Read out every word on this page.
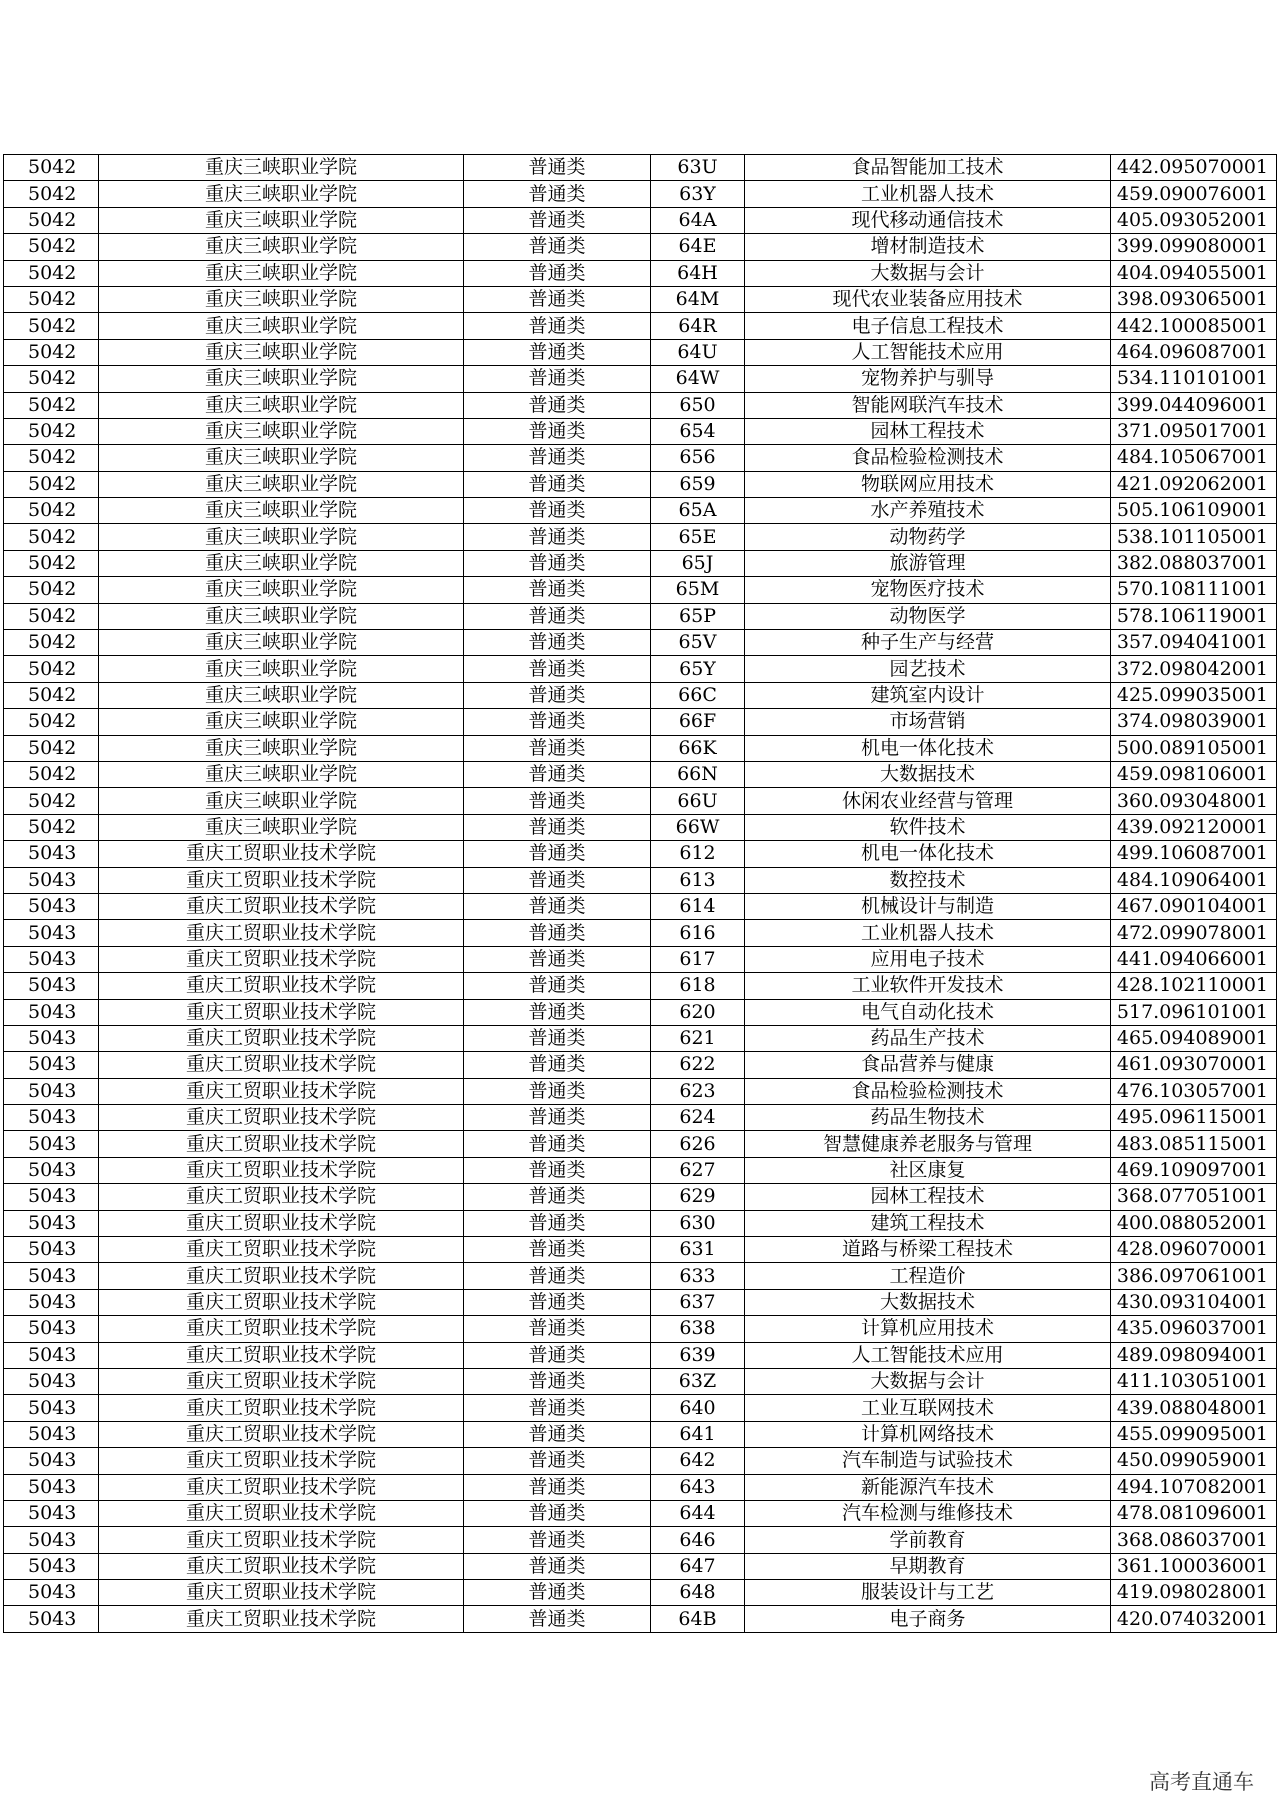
5042	重庆三峡职业学院	普通类	63U	食品智能加工技术	442.095070001
5042	重庆三峡职业学院	普通类	63Y	工业机器人技术	459.090076001
5042	重庆三峡职业学院	普通类	64A	现代移动通信技术	405.093052001
5042	重庆三峡职业学院	普通类	64E	增材制造技术	399.099080001
5042	重庆三峡职业学院	普通类	64H	大数据与会计	404.094055001
5042	重庆三峡职业学院	普通类	64M	现代农业装备应用技术	398.093065001
5042	重庆三峡职业学院	普通类	64R	电子信息工程技术	442.100085001
5042	重庆三峡职业学院	普通类	64U	人工智能技术应用	464.096087001
5042	重庆三峡职业学院	普通类	64W	宠物养护与驯导	534.110101001
5042	重庆三峡职业学院	普通类	650	智能网联汽车技术	399.044096001
5042	重庆三峡职业学院	普通类	654	园林工程技术	371.095017001
5042	重庆三峡职业学院	普通类	656	食品检验检测技术	484.105067001
5042	重庆三峡职业学院	普通类	659	物联网应用技术	421.092062001
5042	重庆三峡职业学院	普通类	65A	水产养殖技术	505.106109001
5042	重庆三峡职业学院	普通类	65E	动物药学	538.101105001
5042	重庆三峡职业学院	普通类	65J	旅游管理	382.088037001
5042	重庆三峡职业学院	普通类	65M	宠物医疗技术	570.108111001
5042	重庆三峡职业学院	普通类	65P	动物医学	578.106119001
5042	重庆三峡职业学院	普通类	65V	种子生产与经营	357.094041001
5042	重庆三峡职业学院	普通类	65Y	园艺技术	372.098042001
5042	重庆三峡职业学院	普通类	66C	建筑室内设计	425.099035001
5042	重庆三峡职业学院	普通类	66F	市场营销	374.098039001
5042	重庆三峡职业学院	普通类	66K	机电一体化技术	500.089105001
5042	重庆三峡职业学院	普通类	66N	大数据技术	459.098106001
5042	重庆三峡职业学院	普通类	66U	休闲农业经营与管理	360.093048001
5042	重庆三峡职业学院	普通类	66W	软件技术	439.092120001
5043	重庆工贸职业技术学院	普通类	612	机电一体化技术	499.106087001
5043	重庆工贸职业技术学院	普通类	613	数控技术	484.109064001
5043	重庆工贸职业技术学院	普通类	614	机械设计与制造	467.090104001
5043	重庆工贸职业技术学院	普通类	616	工业机器人技术	472.099078001
5043	重庆工贸职业技术学院	普通类	617	应用电子技术	441.094066001
5043	重庆工贸职业技术学院	普通类	618	工业软件开发技术	428.102110001
5043	重庆工贸职业技术学院	普通类	620	电气自动化技术	517.096101001
5043	重庆工贸职业技术学院	普通类	621	药品生产技术	465.094089001
5043	重庆工贸职业技术学院	普通类	622	食品营养与健康	461.093070001
5043	重庆工贸职业技术学院	普通类	623	食品检验检测技术	476.103057001
5043	重庆工贸职业技术学院	普通类	624	药品生物技术	495.096115001
5043	重庆工贸职业技术学院	普通类	626	智慧健康养老服务与管理	483.085115001
5043	重庆工贸职业技术学院	普通类	627	社区康复	469.109097001
5043	重庆工贸职业技术学院	普通类	629	园林工程技术	368.077051001
5043	重庆工贸职业技术学院	普通类	630	建筑工程技术	400.088052001
5043	重庆工贸职业技术学院	普通类	631	道路与桥梁工程技术	428.096070001
5043	重庆工贸职业技术学院	普通类	633	工程造价	386.097061001
5043	重庆工贸职业技术学院	普通类	637	大数据技术	430.093104001
5043	重庆工贸职业技术学院	普通类	638	计算机应用技术	435.096037001
5043	重庆工贸职业技术学院	普通类	639	人工智能技术应用	489.098094001
5043	重庆工贸职业技术学院	普通类	63Z	大数据与会计	411.103051001
5043	重庆工贸职业技术学院	普通类	640	工业互联网技术	439.088048001
5043	重庆工贸职业技术学院	普通类	641	计算机网络技术	455.099095001
5043	重庆工贸职业技术学院	普通类	642	汽车制造与试验技术	450.099059001
5043	重庆工贸职业技术学院	普通类	643	新能源汽车技术	494.107082001
5043	重庆工贸职业技术学院	普通类	644	汽车检测与维修技术	478.081096001
5043	重庆工贸职业技术学院	普通类	646	学前教育	368.086037001
5043	重庆工贸职业技术学院	普通类	647	早期教育	361.100036001
5043	重庆工贸职业技术学院	普通类	648	服装设计与工艺	419.098028001
5043	重庆工贸职业技术学院	普通类	64B	电子商务	420.074032001
高考直通车
